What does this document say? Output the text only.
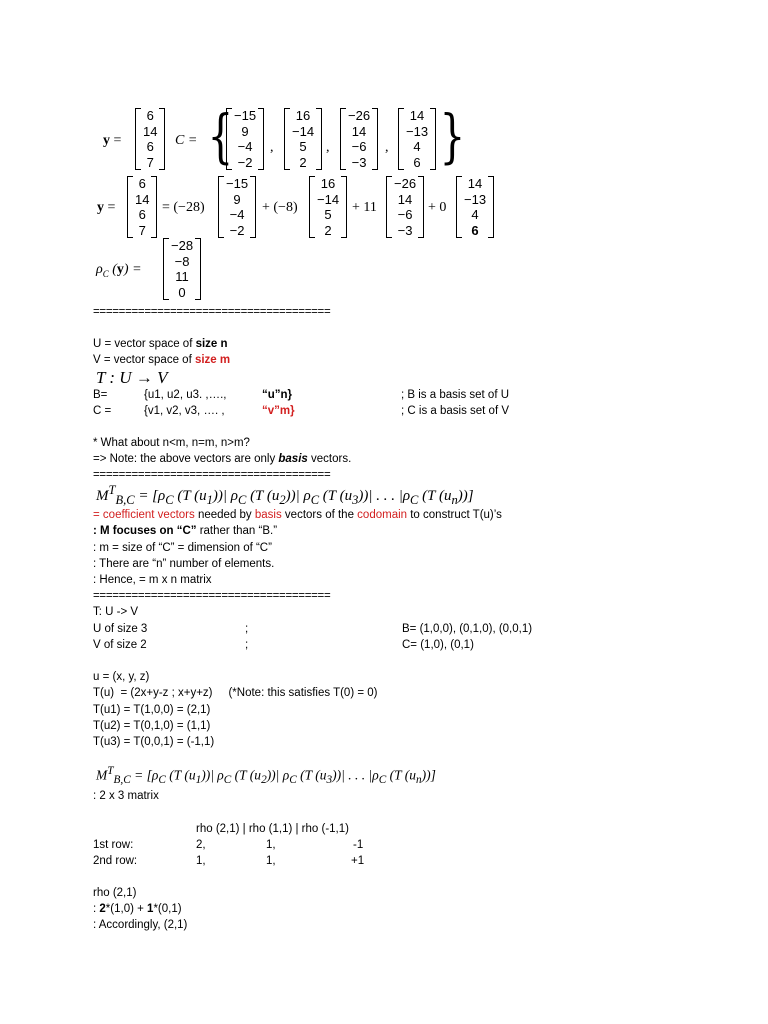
y =
6
14
6
7
C = { −15
9
−4
−2
,
16
−14
5
2
,
−26
14
−6
−3
,
14
−13
4
6 }
y =
6
14
6
7
= (−28)
−15
9
−4
−2
+ (−8)
16
−14
5
2
+ 11
−26
14
−6
−3
+ 0
14
−13
4
6
$\rho_C$ (y) =
−28
−8
11
0
=====================================
U = vector space of size n
V = vector space of size m
T : U → V
B=	{u1, u2, u3. ,….,	“u”n}	; B is a basis set of U
C =	{v1, v2, v3, …. ,	“v”m}	; C is a basis set of V
* What about n<m, n=m, n>m?
=> Note: the above vectors are only basis vectors.
=====================================
$M^T_{B,C} = [\rho_C$ (T $(u_1))|$ $\rho_C$ (T $(u_2))|$ $\rho_C$ (T $(u_3))|$ . . . $|\rho_C$ (T $(u_n)$)]
= coefficient vectors needed by basis vectors of the codomain to construct T(u)’s
: M focuses on “C” rather than “B.”
: m = size of “C” = dimension of “C”
: There are “n” number of elements.
: Hence, = m x n matrix
=====================================
T: U -> V
U of size 3	;	B= (1,0,0), (0,1,0), (0,0,1)
V of size 2	;	C= (1,0), (0,1)
u = (x, y, z)
T(u)  = (2x+y-z ; x+y+z)     (*Note: this satisfies T(0) = 0)
T(u1) = T(1,0,0) = (2,1)
T(u2) = T(0,1,0) = (1,1)
T(u3) = T(0,0,1) = (-1,1)
$M^T_{B,C} = [\rho_C$ (T $(u_1))|$ $\rho_C$ (T $(u_2))|$ $\rho_C$ (T $(u_3))|$ . . . $|\rho_C$ (T $(u_n)$)]
: 2 x 3 matrix
rho (2,1) | rho (1,1) | rho (-1,1)
1st row:	2,	1,	-1
2nd row:	1,	1,	+1
rho (2,1)
: 2*(1,0) + 1*(0,1)
: Accordingly, (2,1)
